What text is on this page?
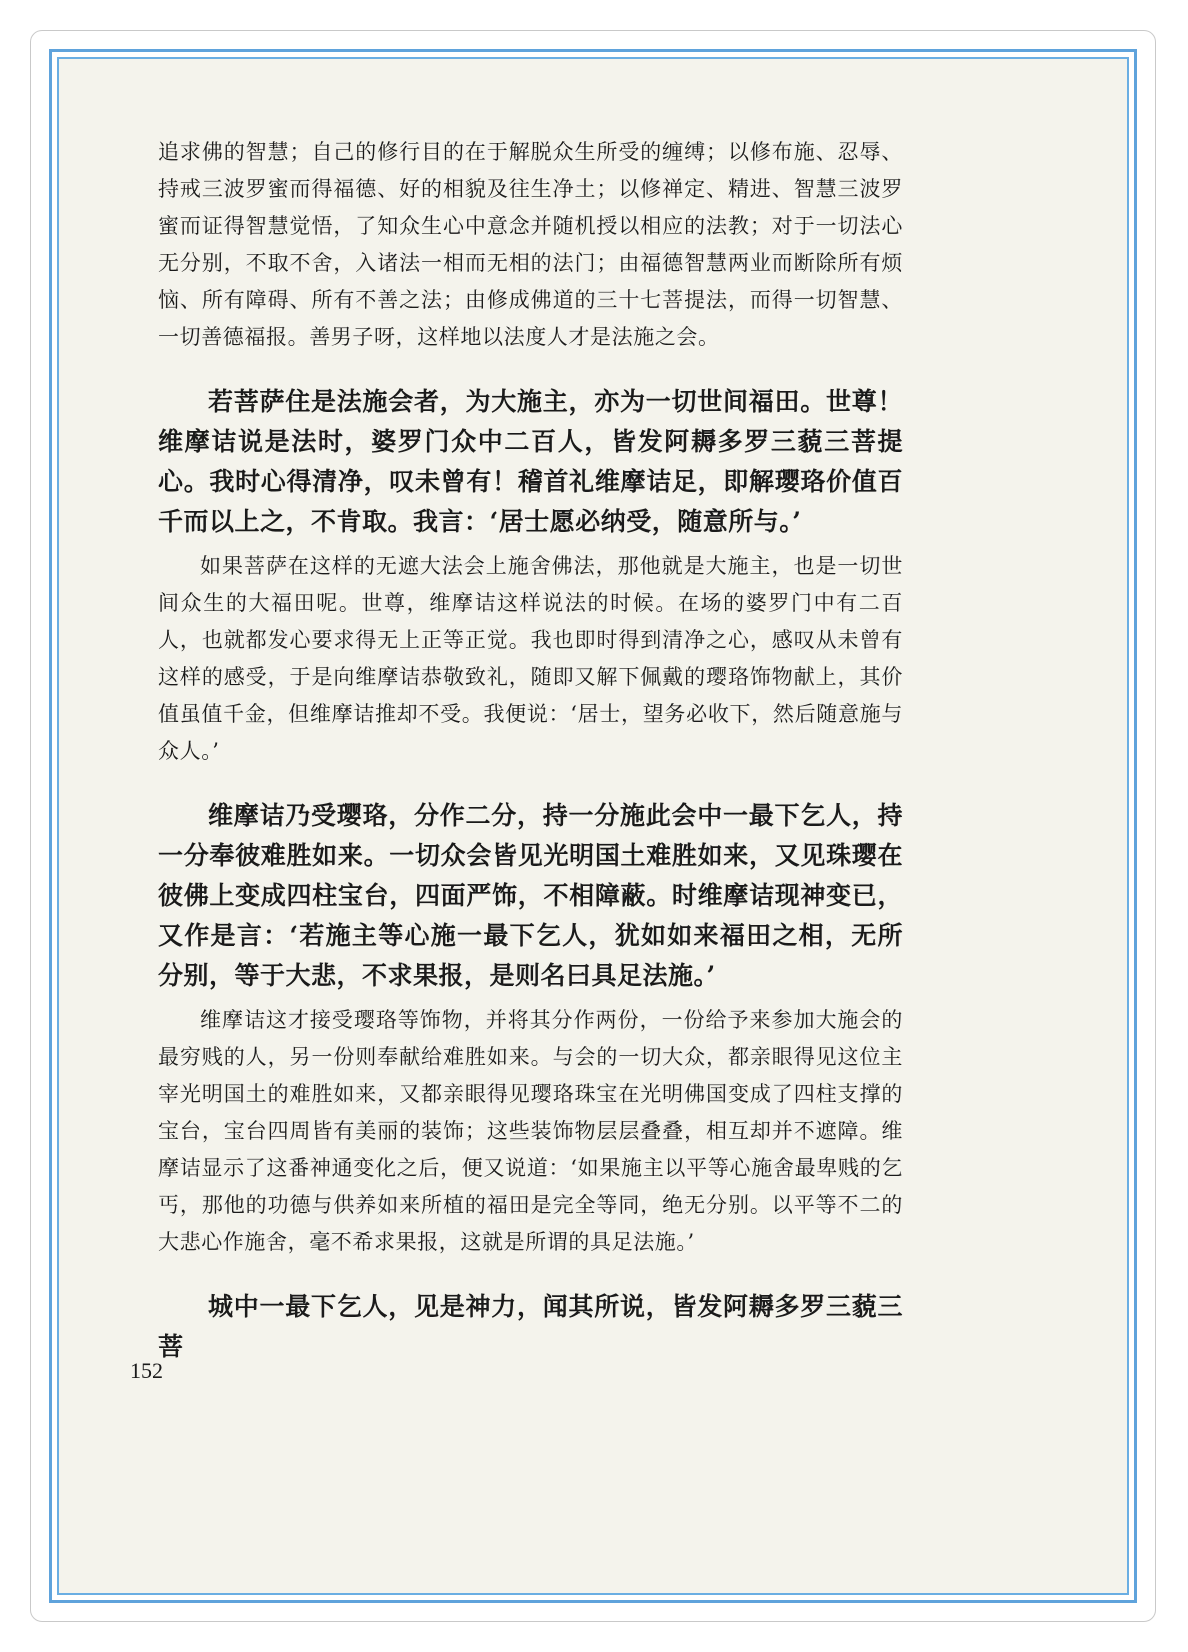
追求佛的智慧；自己的修行目的在于解脱众生所受的缠缚；以修布施、忍辱、持戒三波罗蜜而得福德、好的相貌及往生净土；以修禅定、精进、智慧三波罗蜜而证得智慧觉悟，了知众生心中意念并随机授以相应的法教；对于一切法心无分别，不取不舍，入诸法一相而无相的法门；由福德智慧两业而断除所有烦恼、所有障碍、所有不善之法；由修成佛道的三十七菩提法，而得一切智慧、一切善德福报。善男子呀，这样地以法度人才是法施之会。

若菩萨住是法施会者，为大施主，亦为一切世间福田。世尊！维摩诘说是法时，婆罗门众中二百人，皆发阿耨多罗三藐三菩提心。我时心得清净，叹未曾有！稽首礼维摩诘足，即解璎珞价值百千而以上之，不肯取。我言：‘居士愿必纳受，随意所与。’

如果菩萨在这样的无遮大法会上施舍佛法，那他就是大施主，也是一切世间众生的大福田呢。世尊，维摩诘这样说法的时候。在场的婆罗门中有二百人，也就都发心要求得无上正等正觉。我也即时得到清净之心，感叹从未曾有这样的感受，于是向维摩诘恭敬致礼，随即又解下佩戴的璎珞饰物献上，其价值虽值千金，但维摩诘推却不受。我便说：‘居士，望务必收下，然后随意施与众人。’

维摩诘乃受璎珞，分作二分，持一分施此会中一最下乞人，持一分奉彼难胜如来。一切众会皆见光明国土难胜如来，又见珠璎在彼佛上变成四柱宝台，四面严饰，不相障蔽。时维摩诘现神变已，又作是言：‘若施主等心施一最下乞人，犹如如来福田之相，无所分别，等于大悲，不求果报，是则名曰具足法施。’

维摩诘这才接受璎珞等饰物，并将其分作两份，一份给予来参加大施会的最穷贱的人，另一份则奉献给难胜如来。与会的一切大众，都亲眼得见这位主宰光明国土的难胜如来，又都亲眼得见璎珞珠宝在光明佛国变成了四柱支撑的宝台，宝台四周皆有美丽的装饰；这些装饰物层层叠叠，相互却并不遮障。维摩诘显示了这番神通变化之后，便又说道：‘如果施主以平等心施舍最卑贱的乞丐，那他的功德与供养如来所植的福田是完全等同，绝无分别。以平等不二的大悲心作施舍，毫不希求果报，这就是所谓的具足法施。’

城中一最下乞人，见是神力，闻其所说，皆发阿耨多罗三藐三菩

152
